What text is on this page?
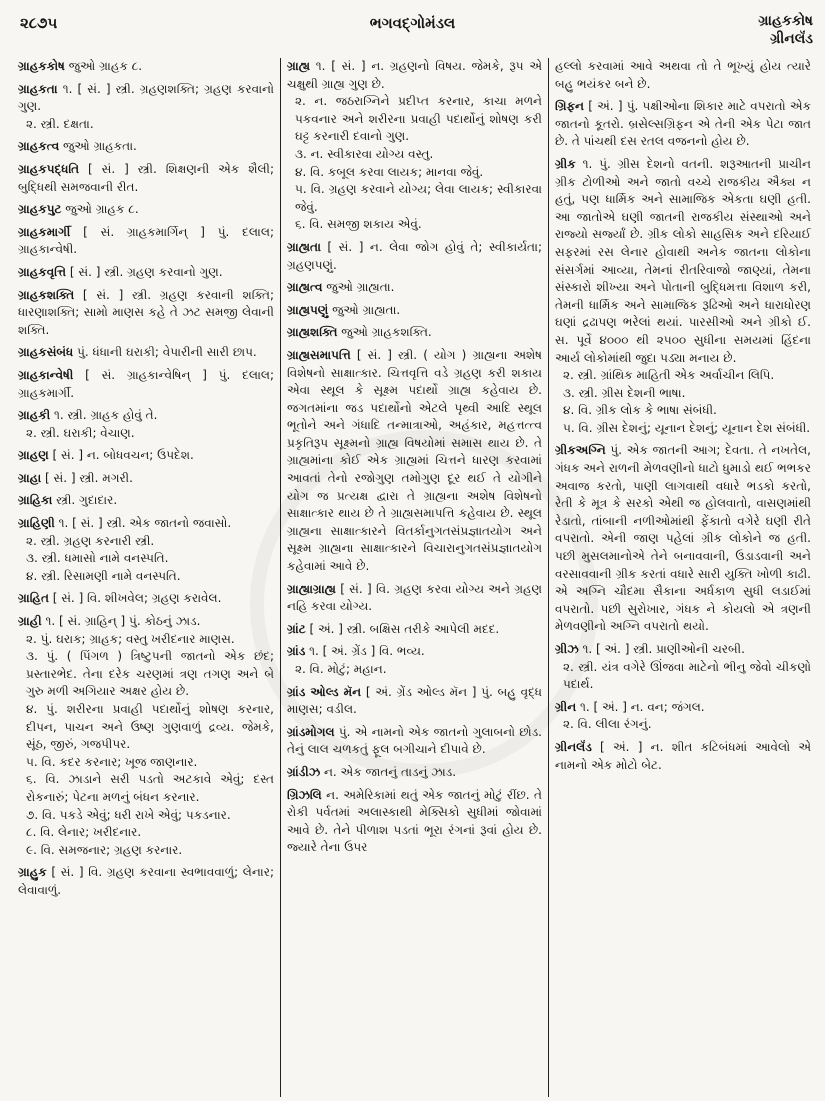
૨૮૭૫	ભગવદ્ગોમંડલ	ગ્રાહકકોષ
ગ્રીનલૅંડ

ગ્રાહકકોષ જુઓ ગ્રાહક ૮.

ગ્રાહકતા ૧. [ સં. ] સ્ત્રી. ગ્રહણશક્તિ; ગ્રહણ કરવાનો ગુણ.
૨. સ્ત્રી. દક્ષતા.

ગ્રાહકત્વ જુઓ ગ્રાહકતા.

ગ્રાહકપદ્ધતિ [ સં. ] સ્ત્રી. શિક્ષણની એક શૈલી; બુદ્ધિથી સમજવાની રીત.

ગ્રાહકપુટ જુઓ ગ્રાહક ૮.

ગ્રાહકમાર્ગી [ સં. ગ્રાહકમાર્ગિન્ ] પું. દલાલ; ગ્રાહકાન્વેષી.

ગ્રાહકવૃત્તિ [ સં. ] સ્ત્રી. ગ્રહણ કરવાનો ગુણ.

ગ્રાહકશક્તિ [ સં. ] સ્ત્રી. ગ્રહણ કરવાની શક્તિ; ધારણાશક્તિ; સામો માણસ કહે તે ઝટ સમજી લેવાની શક્તિ.

ગ્રાહકસંબંધ પું. ધંધાની ઘરાકી; વેપારીની સારી છાપ.

ગ્રાહકાન્વેષી [ સં. ગ્રાહકાન્વેષિન્ ] પું. દલાલ; ગ્રાહકમાર્ગી.

ગ્રાહકી ૧. સ્ત્રી. ગ્રાહક હોવું તે.
૨. સ્ત્રી. ઘરાકી; વેચાણ.

ગ્રાહણ [ સં. ] ન. બોધવચન; ઉપદેશ.

ગ્રાહા [ સં. ] સ્ત્રી. મગરી.

ગ્રાહિકા સ્ત્રી. ગુદાદાર.

ગ્રાહિણી ૧. [ સં. ] સ્ત્રી. એક જાતનો જવાસો.
૨. સ્ત્રી. ગ્રહણ કરનારી સ્ત્રી.
૩. સ્ત્રી. ધમાસો નામે વનસ્પતિ.
૪. સ્ત્રી. રિસામણી નામે વનસ્પતિ.

ગ્રાહિત [ સં. ] વિ. શીખવેલ; ગ્રહણ કરાવેલ.

ગ્રાહી ૧. [ સં. ગ્રાહિન્ ] પું. કોઠનું ઝાડ.
૨. પું. ઘરાક; ગ્રાહક; વસ્તુ ખરીદનાર માણસ.
૩. પું. ( પિંગળ ) ત્રિષ્ટુપની જાતનો એક છંદ; પ્રસ્તારભેદ. તેના દરેક ચરણમાં ત્રણ તગણ અને બે ગુરુ મળી અગિયાર અક્ષર હોય છે.
૪. પું. શરીરના પ્રવાહી પદાર્થોનું શોષણ કરનાર, દીપન, પાચન અને ઉષ્ણ ગુણવાળું દ્રવ્ય. જેમકે, સૂંઠ, જીરું, ગજપીપર.
૫. વિ. કદર કરનાર; ખૂજ જાણનાર.
૬. વિ. ઝાડાને સરી પડતો અટકાવે એવું; દસ્ત રોકનારું; પેટના મળનું બંધન કરનાર.
૭. વિ. પકડે એવું; ધરી રાખે એવું; પકડનાર.
૮. વિ. લેનાર; ખરીદનાર.
૯. વિ. સમજનાર; ગ્રહણ કરનાર.

ગ્રાહુક [ સં. ] વિ. ગ્રહણ કરવાના સ્વભાવવાળું; લેનાર; લેવાવાળું.

ગ્રાહ્ય ૧. [ સં. ] ન. ગ્રહણનો વિષય. જેમકે, રૂપ એ ચક્ષુથી ગ્રાહ્ય ગુણ છે.
૨. ન. જઠરાગ્નિને પ્રદીપ્ત કરનાર, કાચા મળને પકવનાર અને શરીરના પ્રવાહી પદાર્થોનું શોષણ કરી ઘટ્ટ કરનારી દવાનો ગુણ.
૩. ન. સ્વીકારવા યોગ્ય વસ્તુ.
૪. વિ. કબૂલ કરવા લાયક; માનવા જેવું.
૫. વિ. ગ્રહણ કરવાને યોગ્ય; લેવા લાયક; સ્વીકારવા જેવું.
૬. વિ. સમજી શકાય એવું.

ગ્રાહ્યતા [ સં. ] ન. લેવા જોગ હોવું તે; સ્વીકાર્યતા; ગ્રહણપણું.

ગ્રાહ્યત્વ જુઓ ગ્રાહ્યતા.

ગ્રાહ્યપણું જુઓ ગ્રાહ્યતા.

ગ્રાહ્યશક્તિ જુઓ ગ્રાહકશક્તિ.

ગ્રાહ્યસમાપત્તિ [ સં. ] સ્ત્રી. ( યોગ ) ગ્રાહ્યના અશેષ વિશેષનો સાક્ષાત્કાર. ચિત્તવૃત્તિ વડે ગ્રહણ કરી શકાય એવા સ્થૂલ કે સૂક્ષ્મ પદાર્થો ગ્રાહ્ય કહેવાય છે. જગતમાંના જડ પદાર્થોનો એટલે પૃથ્વી આદિ સ્થૂલ ભૂતોને અને ગંધાદિ તન્માત્રાઓ, અહંકાર, મહત્તત્ત્વ પ્રકૃતિરૂપ સૂક્ષ્મનો ગ્રાહ્ય વિષયોમાં સમાસ થાય છે. તે ગ્રાહ્યમાંના કોઈ એક ગ્રાહ્યમાં ચિત્તને ધારણ કરવામાં આવતાં તેનો રજોગુણ તમોગુણ દૂર થઈ તે યોગીને યોગ જ પ્રત્યક્ષ દ્વારા તે ગ્રાહ્યના અશેષ વિશેષનો સાક્ષાત્કાર થાય છે તે ગ્રાહ્યસમાપત્તિ કહેવાય છે. સ્થૂલ ગ્રાહ્યના સાક્ષાત્કારને વિતર્કાનુગતસંપ્રજ્ઞાતયોગ અને સૂક્ષ્મ ગ્રાહ્યના સાક્ષાત્કારને વિચારાનુગતસંપ્રજ્ઞાતયોગ કહેવામાં આવે છે.

ગ્રાહ્યાગ્રાહ્ય [ સં. ] વિ. ગ્રહણ કરવા યોગ્ય અને ગ્રહણ નહિ કરવા યોગ્ય.

ગ્રાંટ [ અં. ] સ્ત્રી. બક્ષિસ તરીકે આપેલી મદદ.

ગ્રાંડ ૧. [ અં. ગ્રેંડ ] વિ. ભવ્ય.
૨. વિ. મોટું; મહાન.

ગ્રાંડ ઓલ્ડ મૅન [ અં. ગ્રેંડ ઓલ્ડ મૅન ] પું. બહુ વૃદ્ધ માણસ; વડીલ.

ગ્રાંડમોગલ પું. એ નામનો એક જાતનો ગુલાબનો છોડ. તેનું લાલ ચળકતું ફૂલ બગીચાને દીપાવે છે.

ગ્રાંડીઝ ન. એક જાતનું તાડનું ઝાડ.

ગ્રિઝલિ ન. અમેરિકામાં થતું એક જાતનું મોટું રીંછ. તે રોકી પર્વતમાં અલાસ્કાથી મેક્સિકો સુધીમાં જોવામાં આવે છે. તેને પીળાશ પડતાં ભૂરા રંગનાં રૂવાં હોય છે. જ્યારે તેના ઉપર

હલ્લો કરવામાં આવે અથવા તો તે ભૂખ્યું હોય ત્યારે બહુ ભયંકર બને છે.

ગ્રિફન [ અં. ] પું. પક્ષીઓના શિકાર માટે વપરાતો એક જાતનો કૂતરો. બ્રસેલ્સગ્રિફન એ તેની એક પેટા જાત છે. તે પાંચથી દસ રતલ વજનનો હોય છે.

ગ્રીક ૧. પું. ગ્રીસ દેશનો વતની. શરૂઆતની પ્રાચીન ગ્રીક ટોળીઓ અને જાતો વચ્ચે રાજકીય ઐક્ય ન હતું, પણ ધાર્મિક અને સામાજિક એકતા ઘણી હતી. આ જાતોએ ઘણી જાતની રાજકીય સંસ્થાઓ અને રાજ્યો સર્જ્યાં છે. ગ્રીક લોકો સાહસિક અને દરિયાઈ સફરમાં રસ લેનાર હોવાથી અનેક જાતના લોકોના સંસર્ગમાં આવ્યા, તેમનાં રીતરિવાજો જાણ્યાં, તેમના સંસ્કારો શીખ્યા અને પોતાની બુદ્ધિમત્તા વિશાળ કરી, તેમની ધાર્મિક અને સામાજિક રૂઢિઓ અને ધારાધોરણ ઘણાં દ્રઢાપણ ભરેલાં થયાં. પારસીઓ અને ગ્રીકો ઈ. સ. પૂર્વે ૪૦૦૦ થી ૨૫૦૦ સુધીના સમયમાં હિંદના આર્ય લોકોમાંથી જુદા પડ્યા મનાય છે.
૨. સ્ત્રી. ગ્રાંથિક માહિતી એક અર્વાચીન લિપિ.
૩. સ્ત્રી. ગ્રીસ દેશની ભાષા.
૪. વિ. ગ્રીક લોક કે ભાષા સંબંધી.
૫. વિ. ગ્રીસ દેશનું; યૂનાન દેશનું; યૂનાન દેશ સંબંધી.

ગ્રીકઅગ્નિ પું. એક જાતની આગ; દેવતા. તે નખતેલ, ગંધક અને રાળની મેળવણીનો ધાટો ધુમાડો થઈ ભભકર અવાજ કરતો, પાણી લાગવાથી વધારે ભડકો કરતો, રેતી કે મૂત્ર કે સરકો એથી જ હોલવાતો, વાસણમાંથી રેડાતો, તાંબાની નળીઓમાંથી ફેંકાતો વગેરે ઘણી રીતે વપરાતો. એની જાણ પહેલાં ગ્રીક લોકોને જ હતી. પછી મુસલમાનોએ તેને બનાવવાની, ઉડાડવાની અને વરસાવવાની ગ્રીક કરતાં વધારે સારી યુક્તિ ખોળી કાઢી. એ અગ્નિ ચૌદમા સૈકાના અર્ધકાળ સુધી લડાઈમાં વપરાતો. પછી સુરોખાર, ગંધક ને કોયલો એ ત્રણની મેળવણીનો અગ્નિ વપરાતો થયો.

ગ્રીઝ ૧. [ અં. ] સ્ત્રી. પ્રાણીઓની ચરબી.
૨. સ્ત્રી. યંત્ર વગેરે ઊંજવા માટેનો ભીનુ જેવો ચીકણો પદાર્થ.

ગ્રીન ૧. [ અં. ] ન. વન; જંગલ.
૨. વિ. લીલા રંગનું.

ગ્રીનલૅંડ [ અં. ] ન. શીત કટિબંધમાં આવેલો એ નામનો એક મોટો બેટ.
